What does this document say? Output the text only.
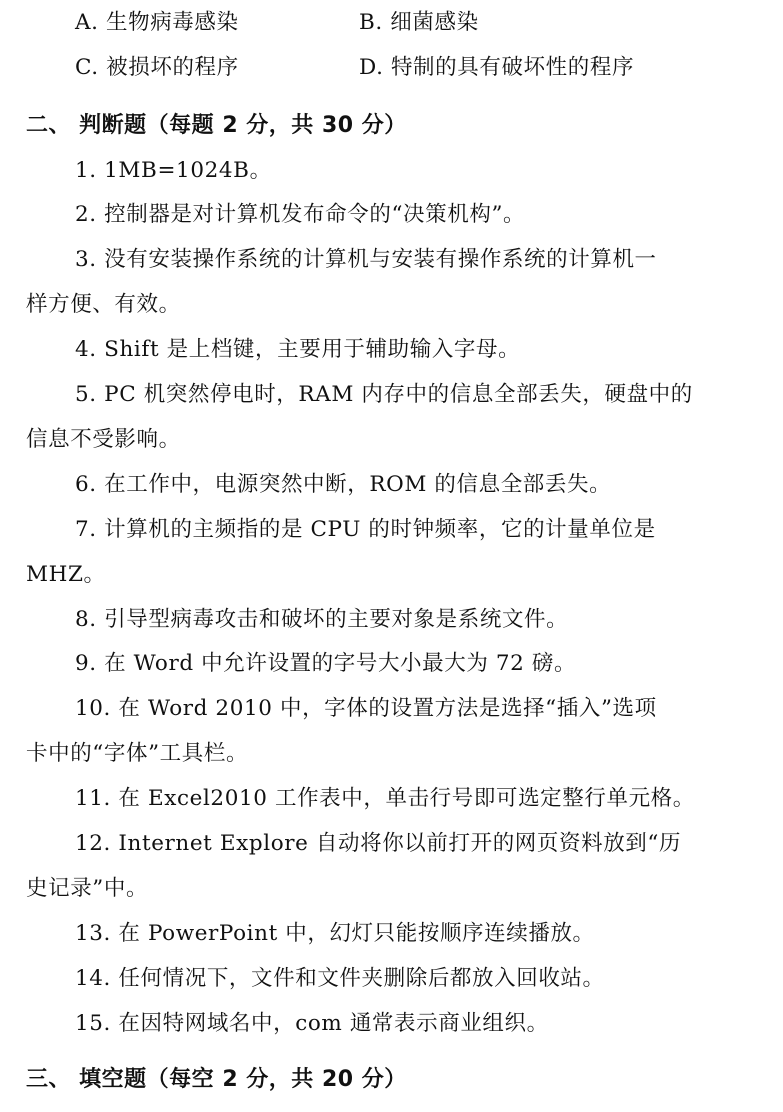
A. 生物病毒感染	B. 细菌感染
C. 被损坏的程序	D. 特制的具有破坏性的程序
二、 判断题（每题 2 分，共 30 分）
1. 1MB=1024B。
2. 控制器是对计算机发布命令的“决策机构”。
3. 没有安装操作系统的计算机与安装有操作系统的计算机一
样方便、有效。
4. Shift 是上档键，主要用于辅助输入字母。
5. PC 机突然停电时，RAM 内存中的信息全部丢失，硬盘中的
信息不受影响。
6. 在工作中，电源突然中断，ROM 的信息全部丢失。
7. 计算机的主频指的是 CPU 的时钟频率，它的计量单位是
MHZ。
8. 引导型病毒攻击和破坏的主要对象是系统文件。
9. 在 Word 中允许设置的字号大小最大为 72 磅。
10. 在 Word 2010 中，字体的设置方法是选择“插入”选项
卡中的“字体”工具栏。
11. 在 Excel2010 工作表中，单击行号即可选定整行单元格。
12. Internet Explore 自动将你以前打开的网页资料放到“历
史记录”中。
13. 在 PowerPoint 中，幻灯只能按顺序连续播放。
14. 任何情况下，文件和文件夹删除后都放入回收站。
15. 在因特网域名中，com 通常表示商业组织。
三、 填空题（每空 2 分，共 20 分）
